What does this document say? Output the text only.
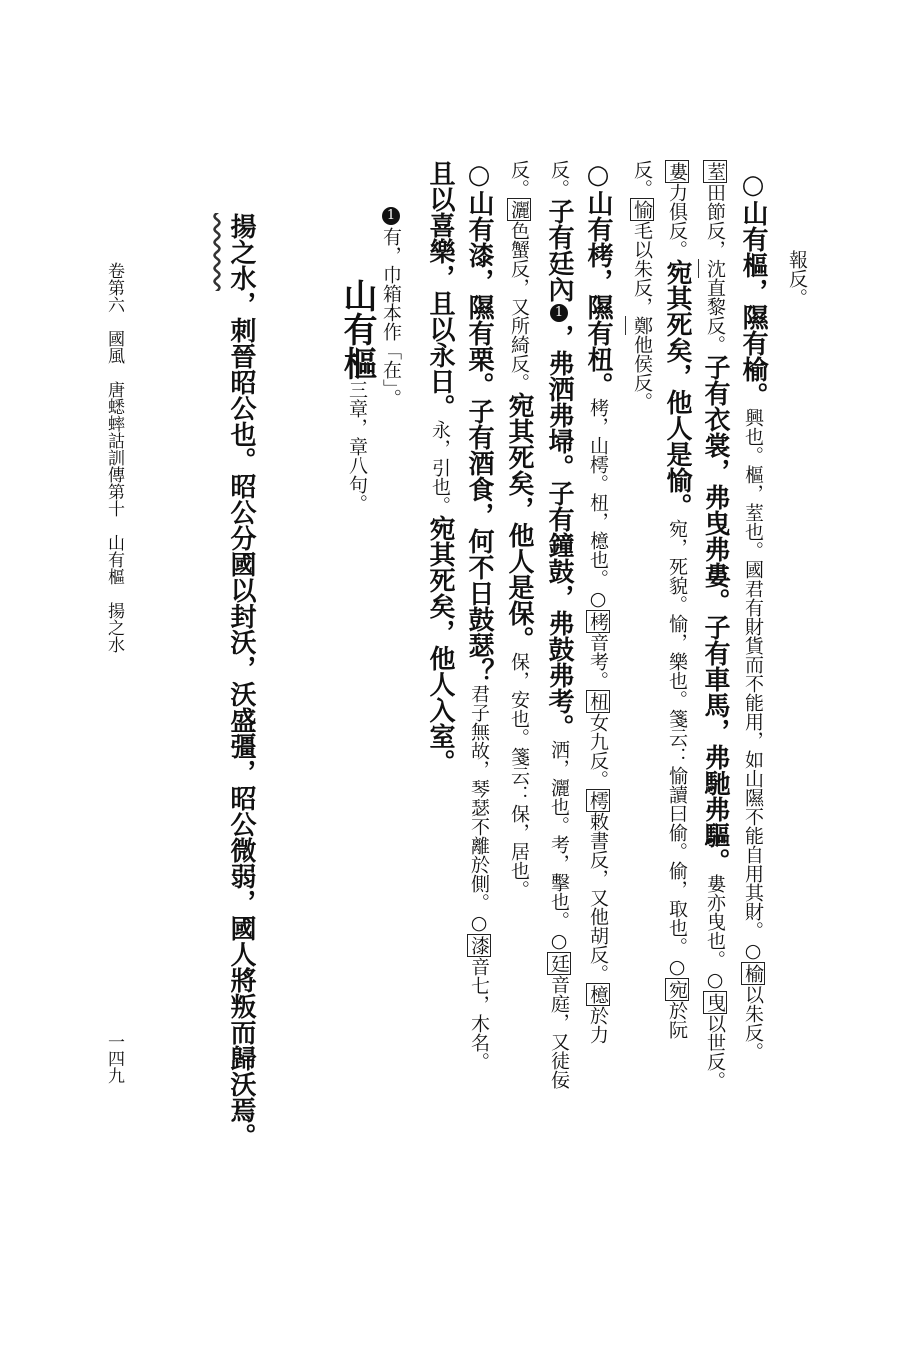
報反。
○山有樞，隰有榆。興也。樞，荎也。國君有財貨而不能用，如山隰不能自用其財。○榆以朱反。
荎田節反，沈直黎反。子有衣裳，弗曳弗婁。子有車馬，弗馳弗驅。婁亦曳也。○曳以世反。
婁力俱反。宛其死矣，他人是愉。宛，死貌。愉，樂也。箋云：愉讀曰偷。偷，取也。○宛於阮
反。愉毛以朱反，鄭他侯反。
○山有栲，隰有杻。栲，山樗。杻，檍也。○栲音考。杻女九反。樗敕書反，又他胡反。檍於力
反。子有廷內1，弗洒弗埽。子有鐘鼓，弗鼓弗考。洒，灑也。考，擊也。○廷音庭，又徒佞
反。灑色蟹反，又所綺反。宛其死矣，他人是保。保，安也。箋云：保，居也。
○山有漆，隰有栗。子有酒食，何不日鼓瑟？君子無故，琴瑟不離於側。○漆音七，木名。
且以喜樂，且以永日。永，引也。宛其死矣，他人入室。
山有樞三章，章八句。
1有，巾箱本作「在」。
揚之水，刺晉昭公也。昭公分國以封沃，沃盛彊，昭公微弱，國人將叛而歸沃焉。
卷第六　國風　唐蟋蟀詁訓傳第十　山有樞　揚之水
一四九
